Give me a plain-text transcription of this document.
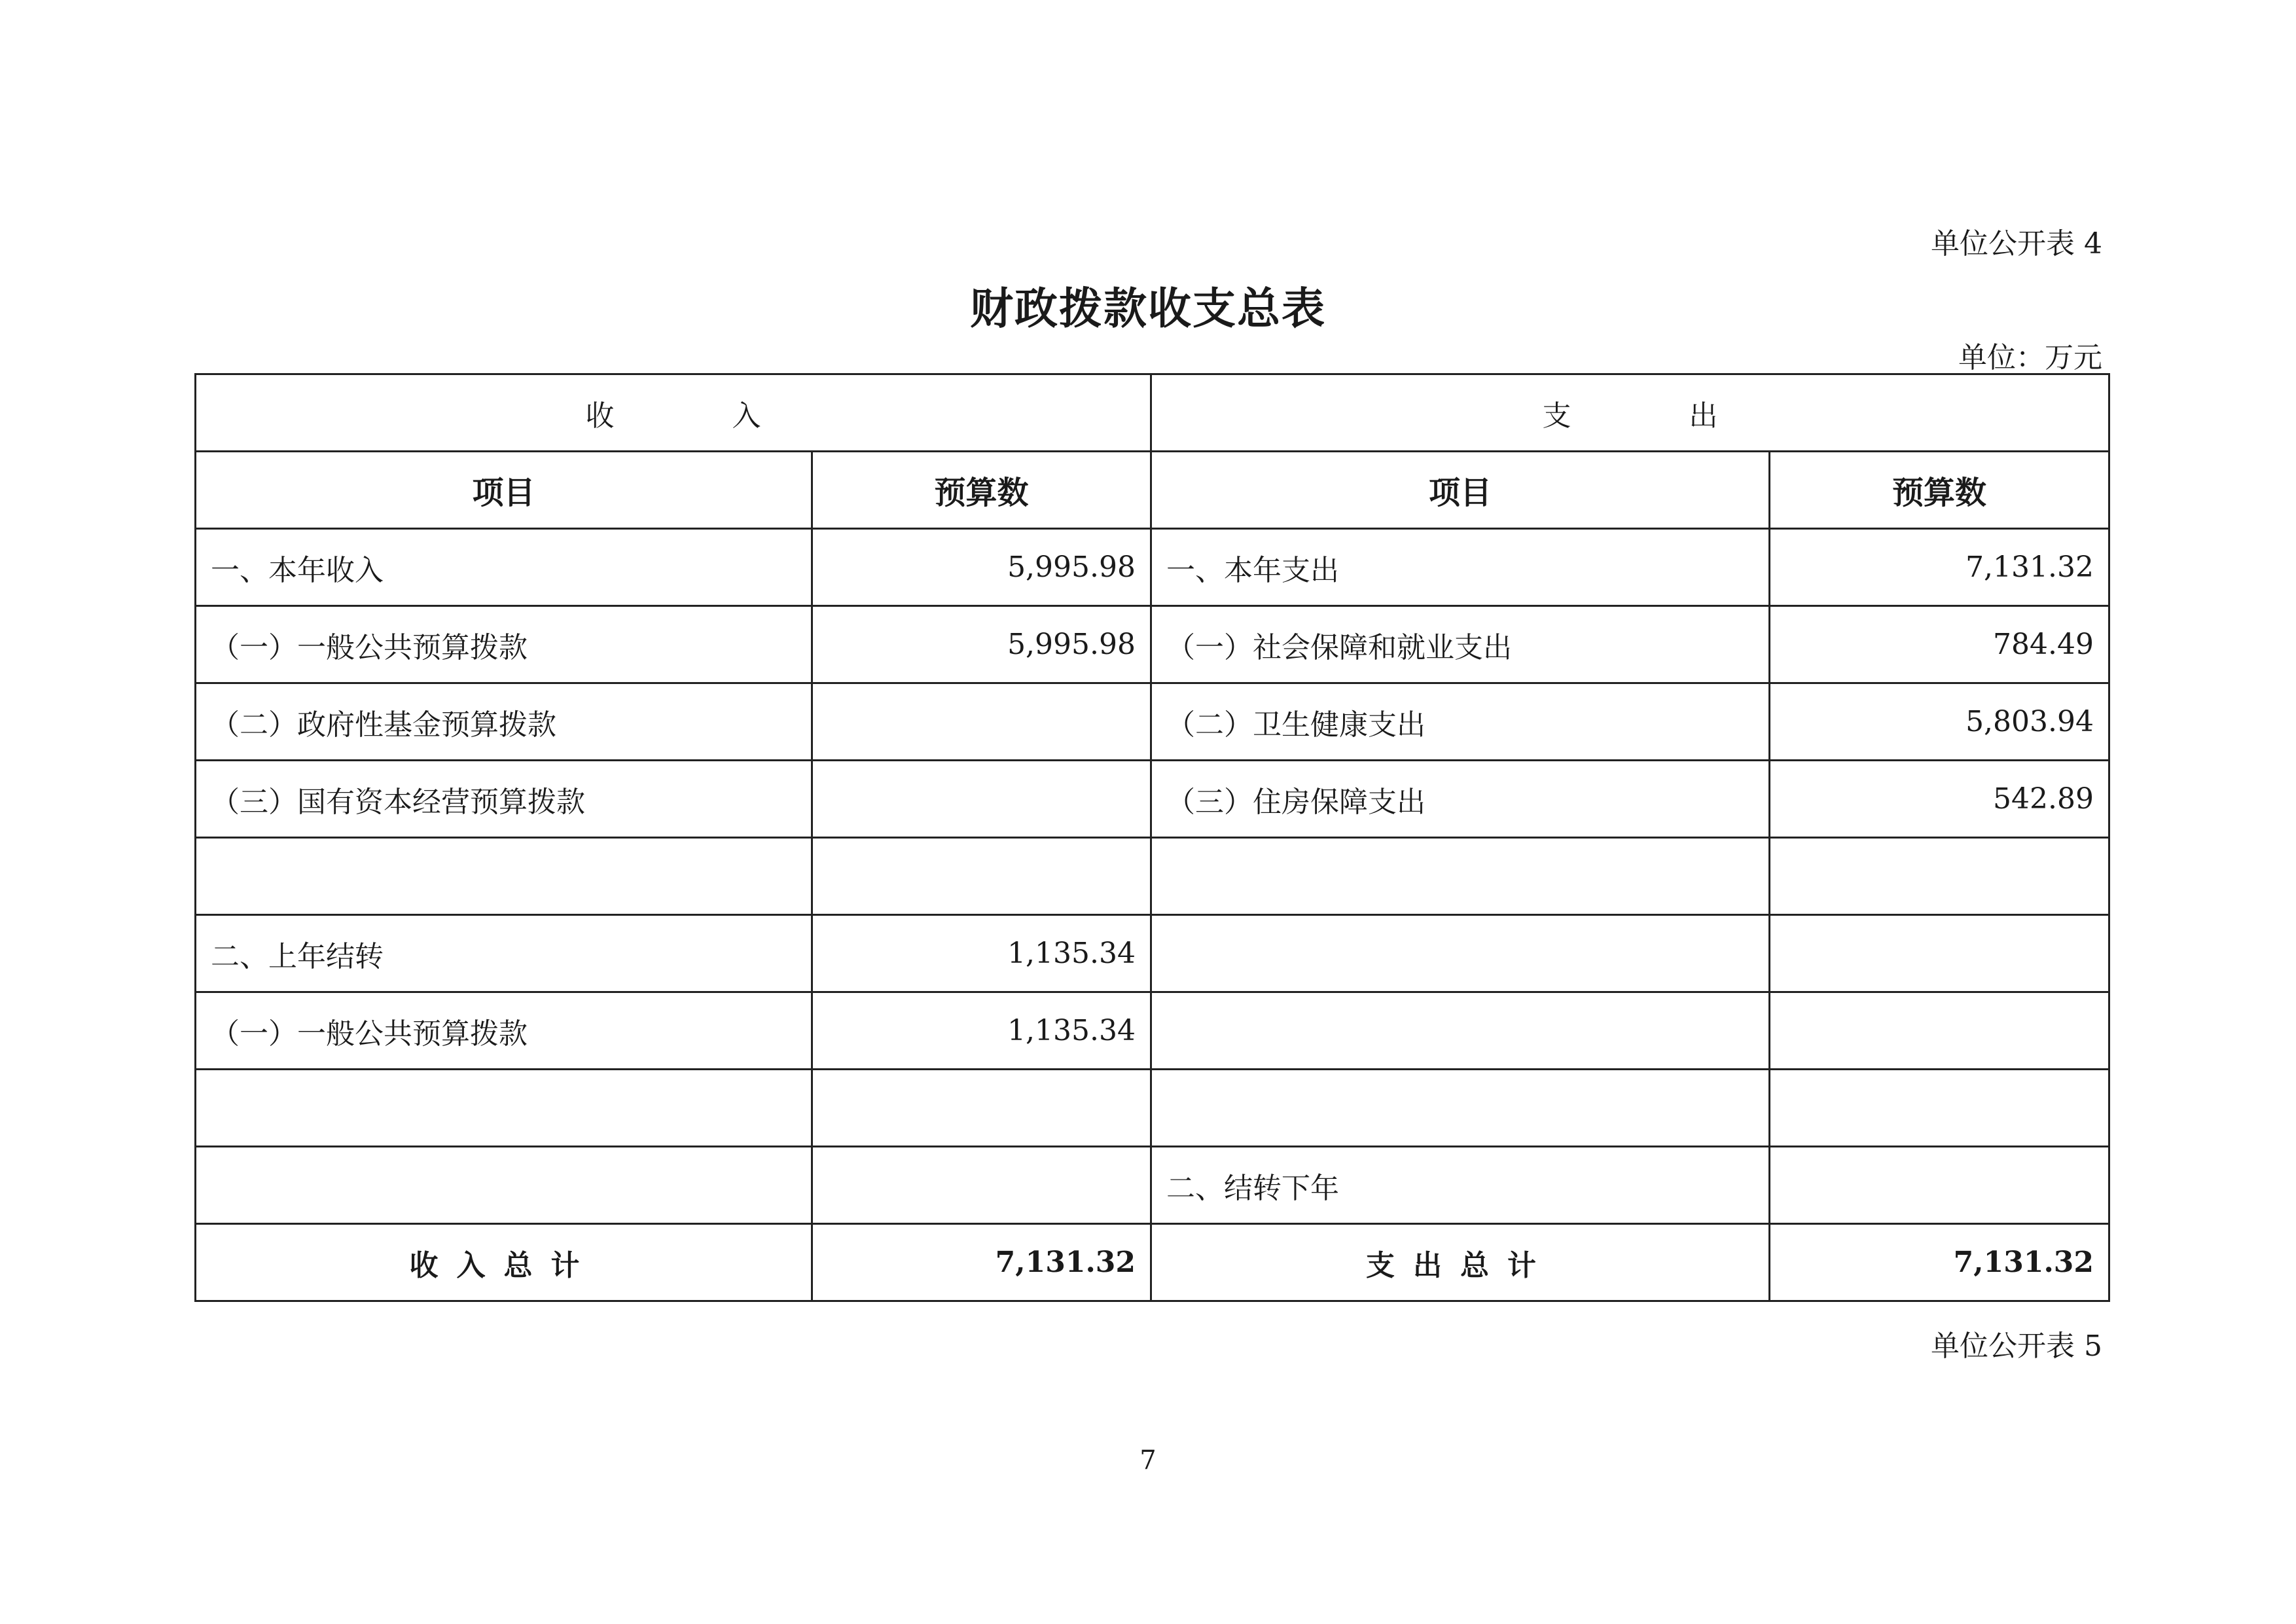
单位公开表 4
财政拨款收支总表
单位：万元
收 入		支 出	
项目	预算数	项目	预算数
一、本年收入	5,995.98	一、本年支出	7,131.32
（一）一般公共预算拨款	5,995.98	（一）社会保障和就业支出	784.49
（二）政府性基金预算拨款		（二）卫生健康支出	5,803.94
（三）国有资本经营预算拨款		（三）住房保障支出	542.89

二、上年结转	1,135.34		
（一）一般公共预算拨款	1,135.34		

		二、结转下年	
收入总计	7,131.32	支出总计	7,131.32
单位公开表 5
7
